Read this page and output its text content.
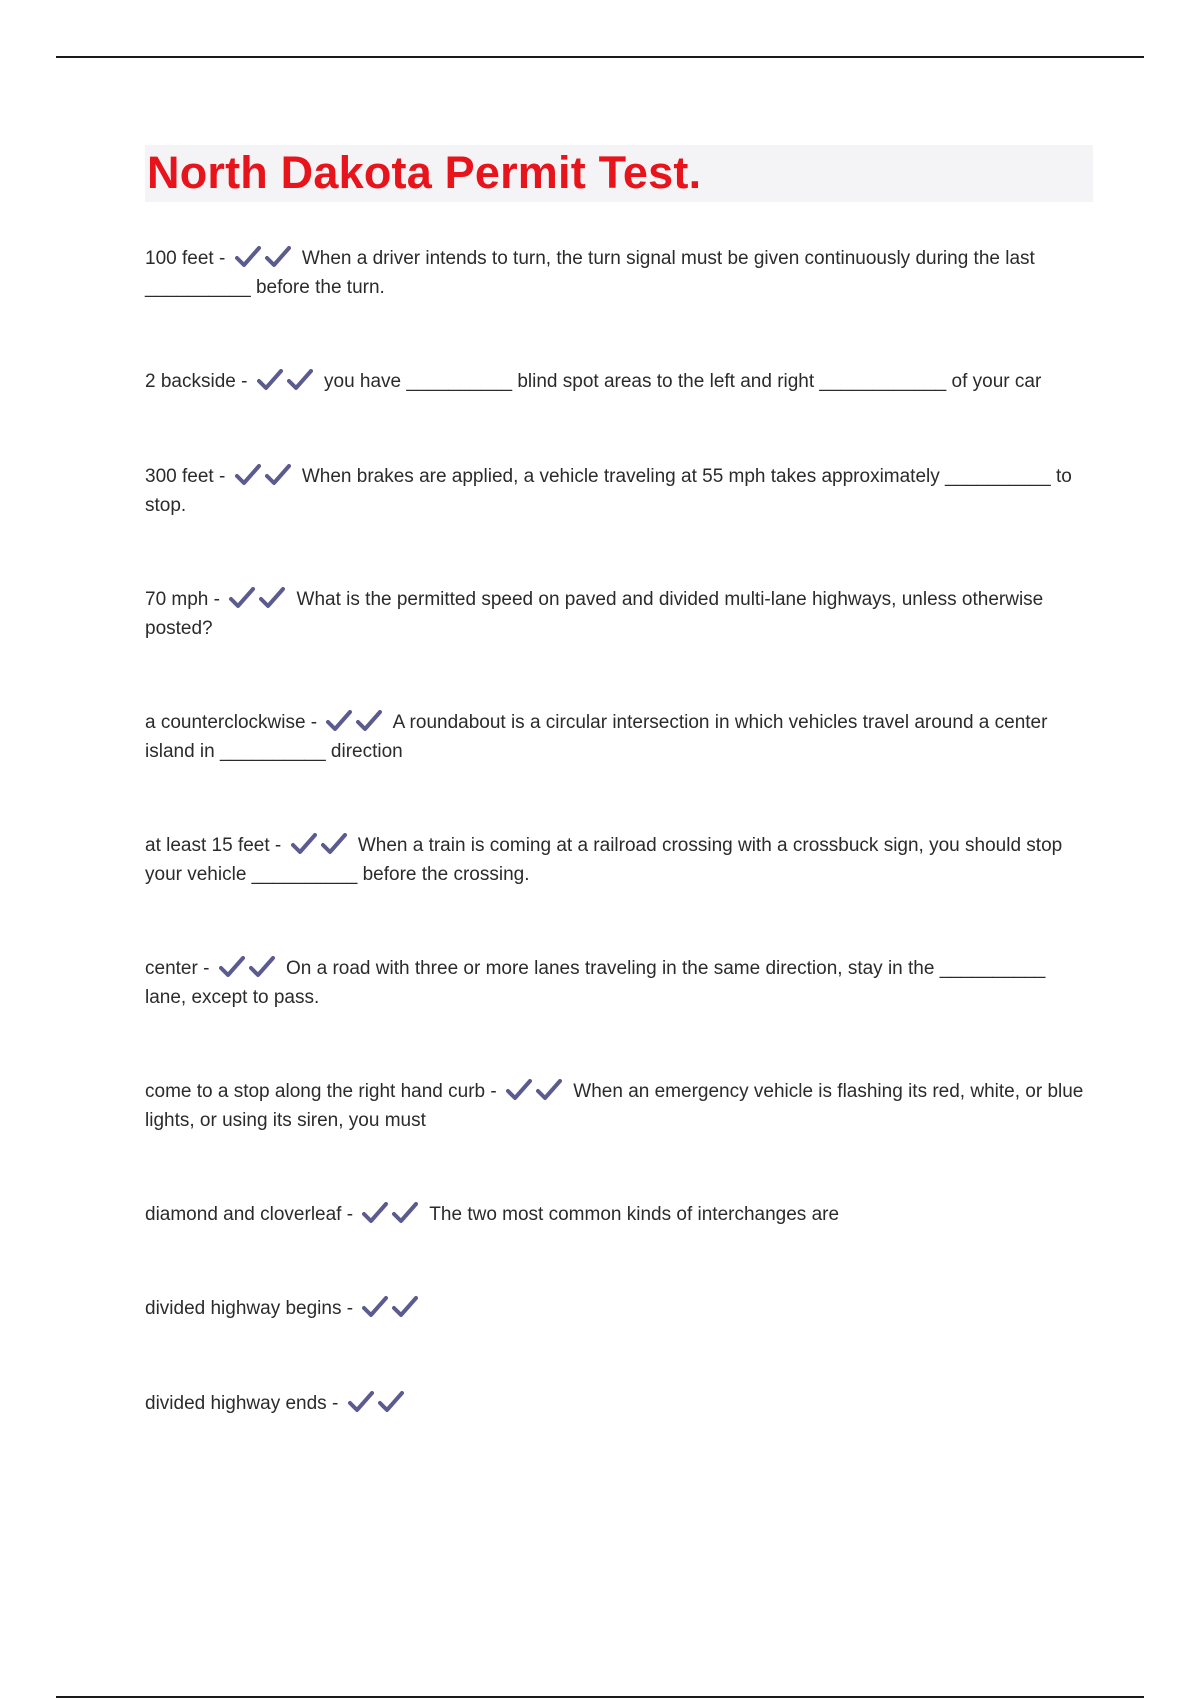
North Dakota Permit Test.
100 feet -	When a driver intends to turn, the turn signal must be given continuously during the last __________ before the turn.
2 backside -	you have __________ blind spot areas to the left and right ____________ of your car
300 feet -	When brakes are applied, a vehicle traveling at 55 mph takes approximately __________ to stop.
70 mph -	What is the permitted speed on paved and divided multi-lane highways, unless otherwise posted?
a counterclockwise -	A roundabout is a circular intersection in which vehicles travel around a center island in __________ direction
at least 15 feet -	When a train is coming at a railroad crossing with a crossbuck sign, you should stop your vehicle __________ before the crossing.
center -	On a road with three or more lanes traveling in the same direction, stay in the __________ lane, except to pass.
come to a stop along the right hand curb -	When an emergency vehicle is flashing its red, white, or blue lights, or using its siren, you must
diamond and cloverleaf -	The two most common kinds of interchanges are
divided highway begins -
divided highway ends -
